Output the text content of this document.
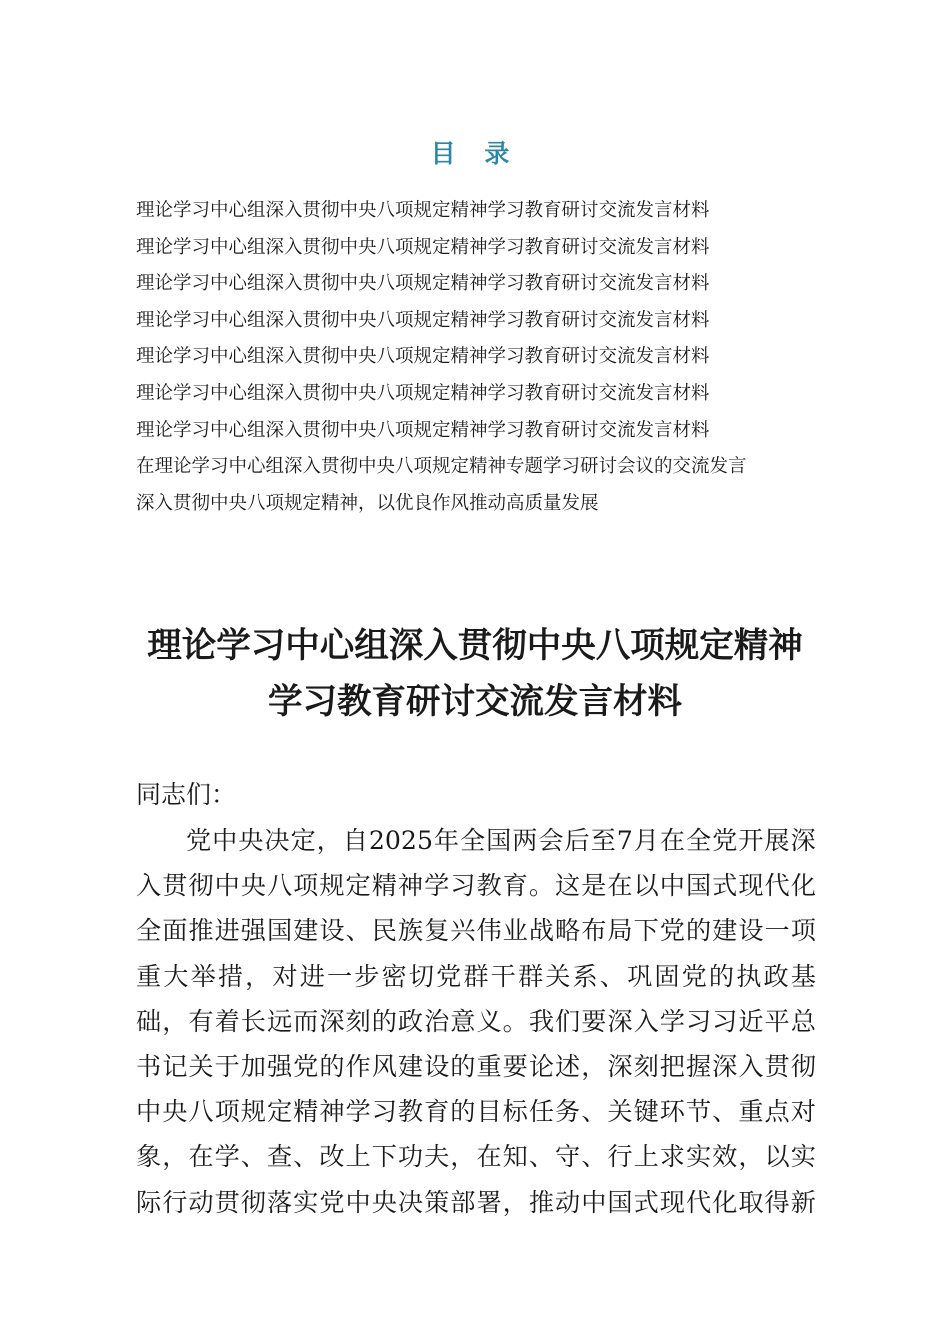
目 录
理论学习中心组深入贯彻中央八项规定精神学习教育研讨交流发言材料
理论学习中心组深入贯彻中央八项规定精神学习教育研讨交流发言材料
理论学习中心组深入贯彻中央八项规定精神学习教育研讨交流发言材料
理论学习中心组深入贯彻中央八项规定精神学习教育研讨交流发言材料
理论学习中心组深入贯彻中央八项规定精神学习教育研讨交流发言材料
理论学习中心组深入贯彻中央八项规定精神学习教育研讨交流发言材料
理论学习中心组深入贯彻中央八项规定精神学习教育研讨交流发言材料
在理论学习中心组深入贯彻中央八项规定精神专题学习研讨会议的交流发言
深入贯彻中央八项规定精神，以优良作风推动高质量发展
理论学习中心组深入贯彻中央八项规定精神
学习教育研讨交流发言材料
同志们：
党 中 央 决 定 ， 自 2025 年 全 国 两 会 后 至 7 月 在 全 党 开 展 深
入 贯 彻 中 央 八 项 规 定 精 神 学 习 教 育 。 这 是 在 以 中 国 式 现 代 化
全 面 推 进 强 国 建 设 、 民 族 复 兴 伟 业 战 略 布 局 下 党 的 建 设 一 项
重 大 举 措 ， 对 进 一 步 密 切 党 群 干 群 关 系 、 巩 固 党 的 执 政 基
础 ， 有 着 长 远 而 深 刻 的 政 治 意 义 。 我 们 要 深 入 学 习 习 近 平 总
书 记 关 于 加 强 党 的 作 风 建 设 的 重 要 论 述 ， 深 刻 把 握 深 入 贯 彻
中 央 八 项 规 定 精 神 学 习 教 育 的 目 标 任 务 、 关 键 环 节 、 重 点 对
象 ， 在 学 、 查 、 改 上 下 功 夫 ， 在 知 、 守 、 行 上 求 实 效 ， 以 实
际 行 动 贯 彻 落 实 党 中 央 决 策 部 署 ， 推 动 中 国 式 现 代 化 取 得 新
